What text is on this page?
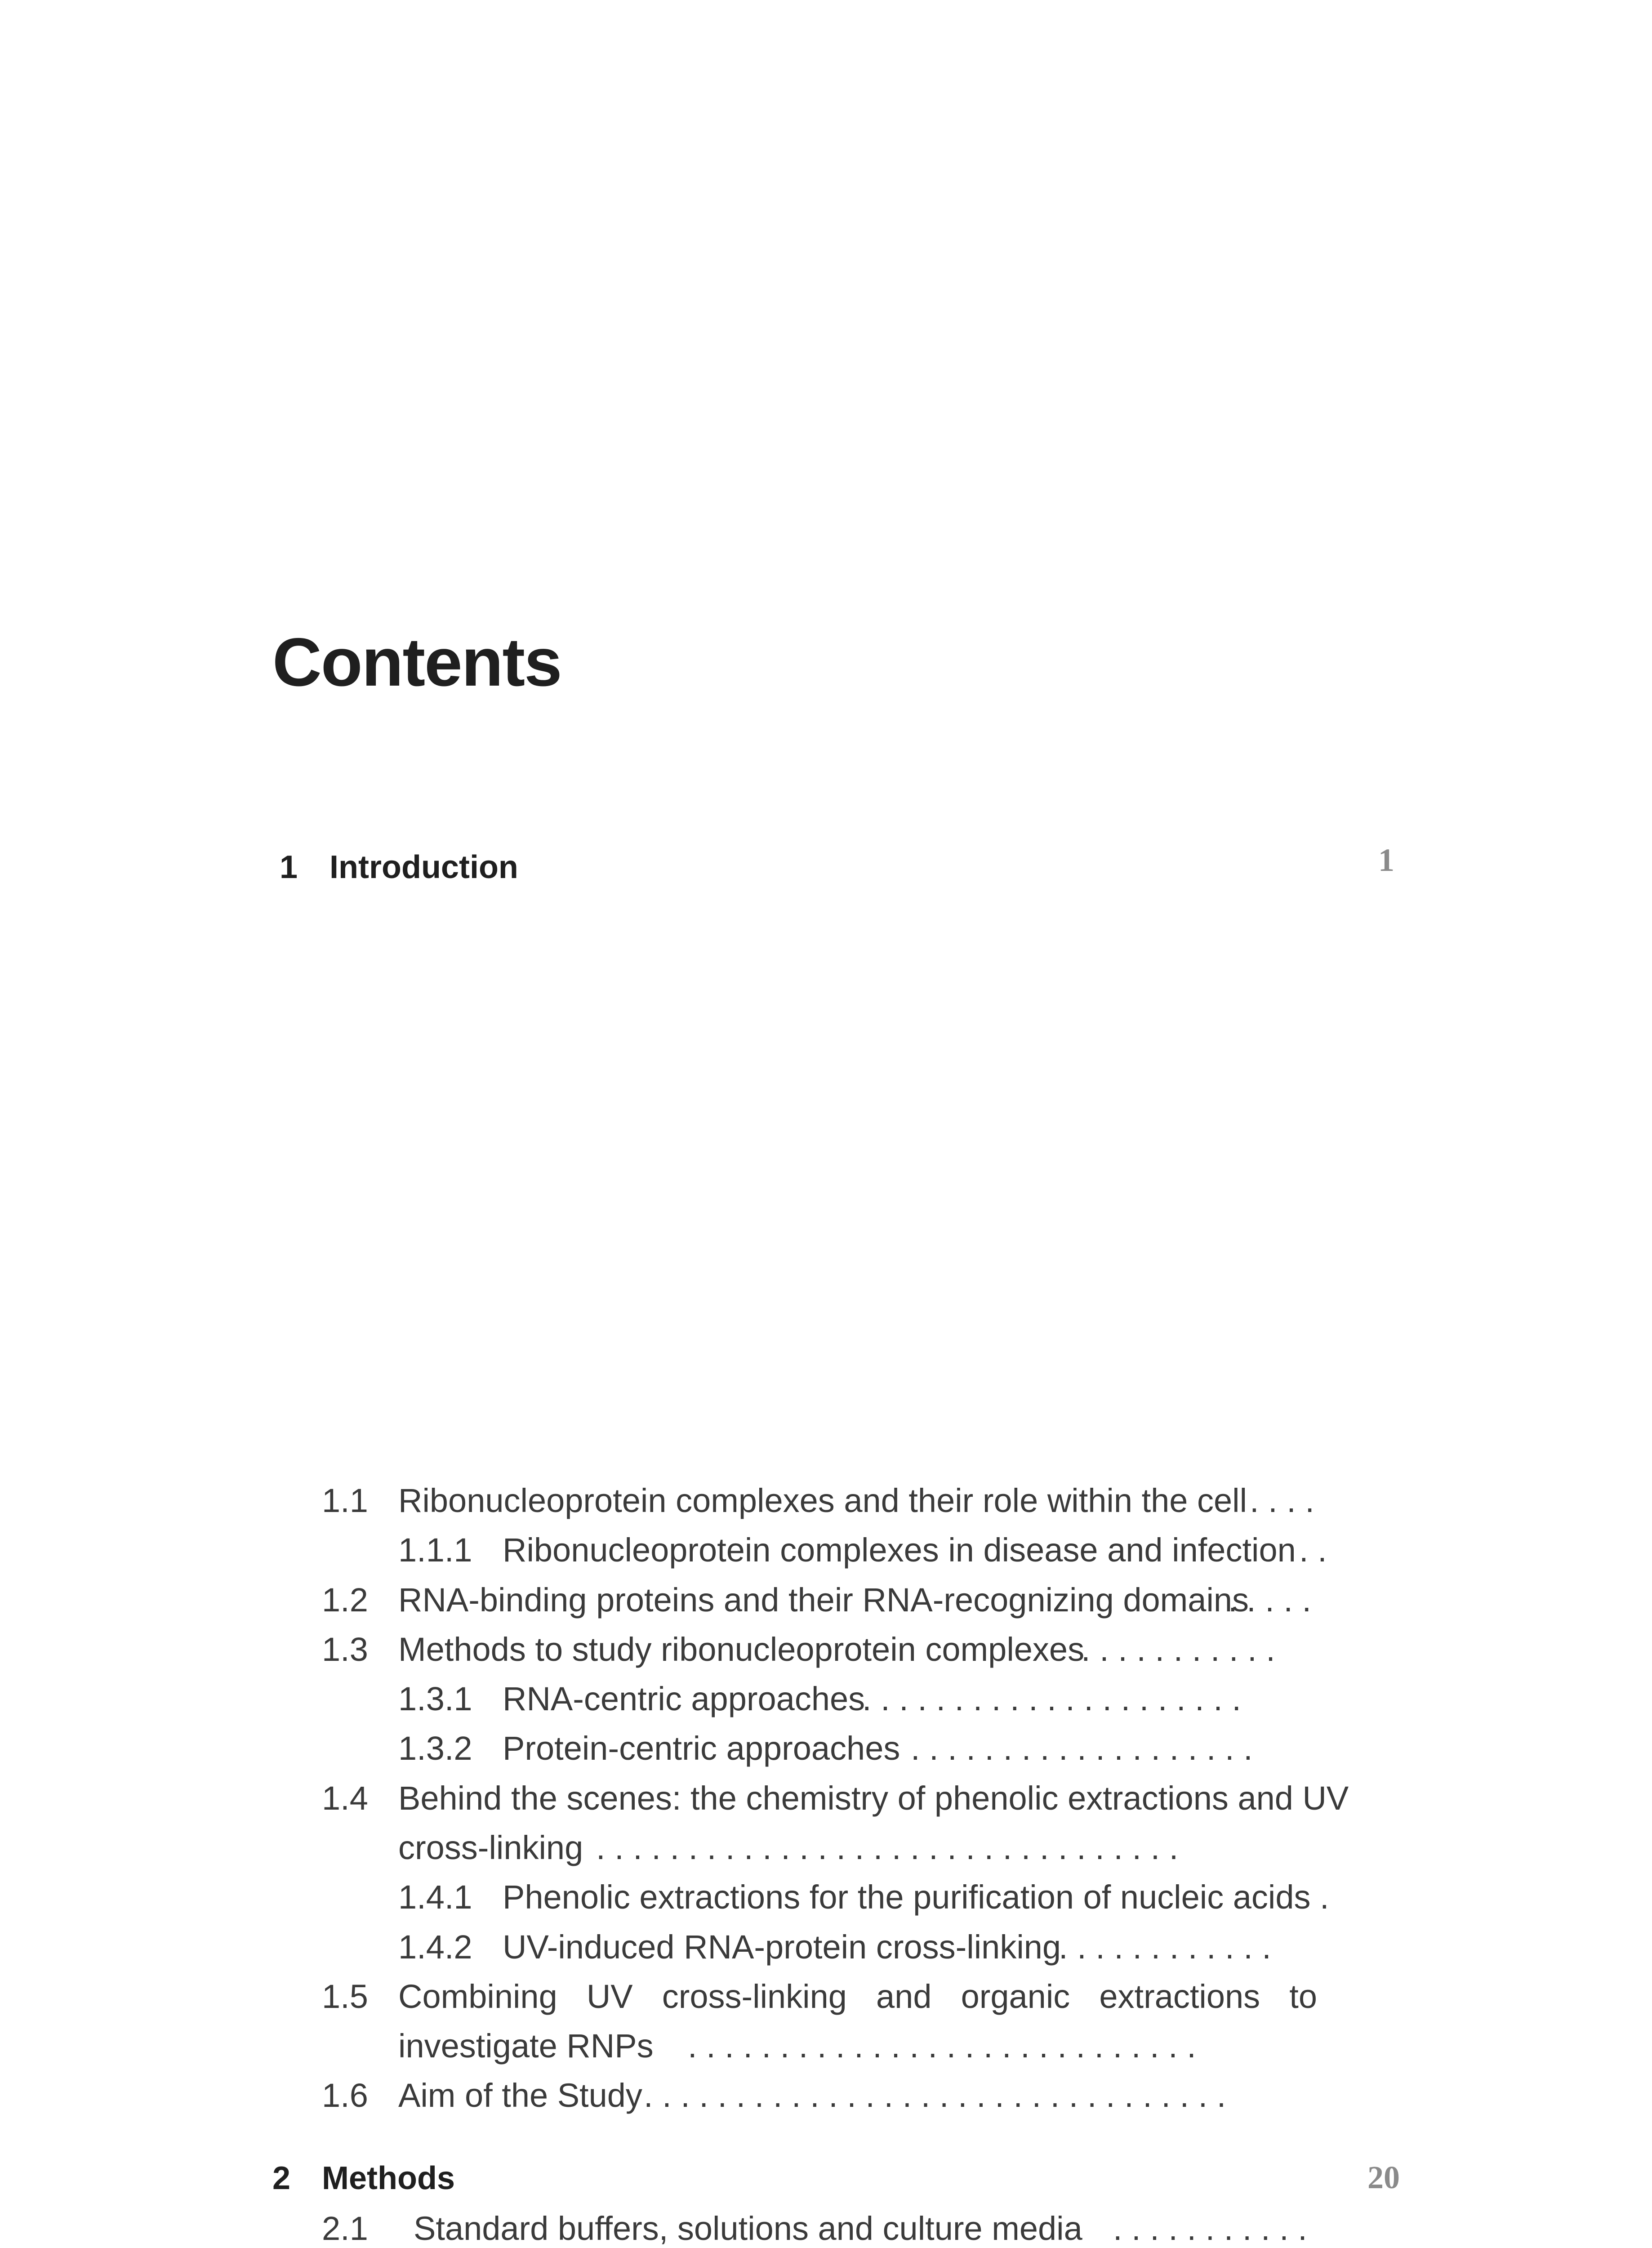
Contents
1 Introduction	1
1.1 Ribonucleoprotein complexes and their role within the cell . . . .
1.1.1 Ribonucleoprotein complexes in disease and infection . .
1.2 RNA-binding proteins and their RNA-recognizing domains
. . . . .
1.3 Methods to study ribonucleoprotein complexes
. . . . . . . . . . .
1.3.1 RNA-centric approaches
. . . . . . . . . . . . . . . . . . . . .
1.3.2 Protein-centric approaches . . . . . . . . . . . . . . . . . . .
1.4 Behind the scenes: the chemistry of phenolic extractions and UV
cross-linking . . . . . . . . . . . . . . . . . . . . . . . . . . . . . . . .
1.4.1 Phenolic extractions for the purification of nucleic acids .
1.4.2 UV-induced RNA-protein cross-linking
. . . . . . . . . . . .
1.5 Combining UV cross-linking and organic extractions to
investigate RNPs . . . . . . . . . . . . . . . . . . . . . . . . . . . .
1.6 Aim of the Study . . . . . . . . . . . . . . . . . . . . . . . . . . . . . . . .
2 Methods	20
2.1 Standard buffers, solutions and culture media . . . . . . . . . . .
